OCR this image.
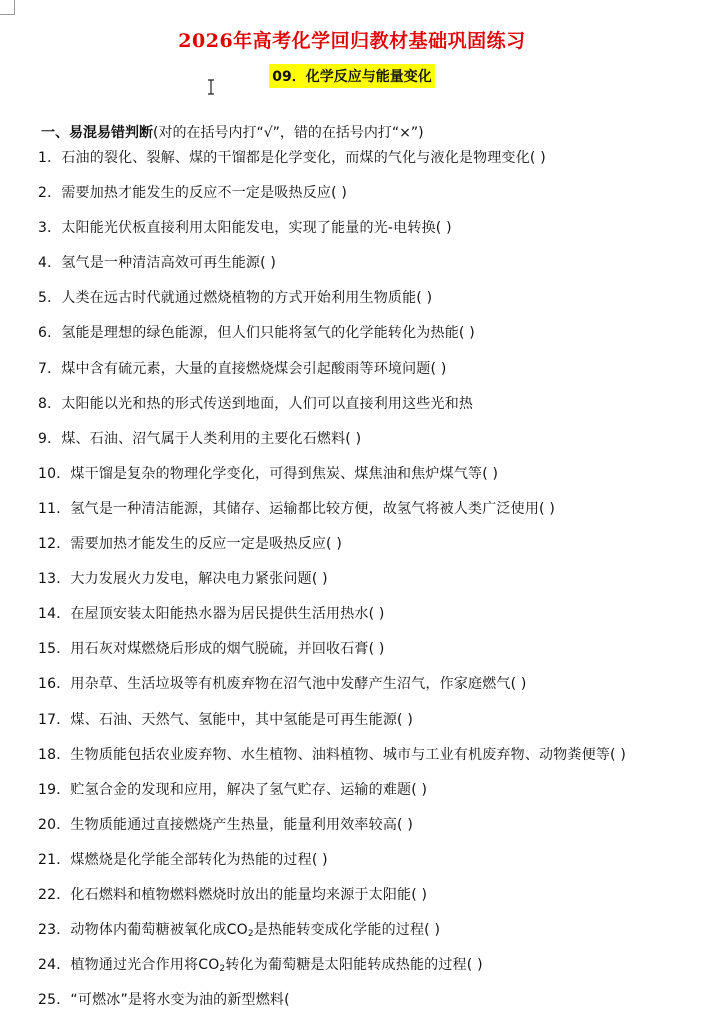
2026年高考化学回归教材基础巩固练习
09．化学反应与能量变化
一、易混易错判断(对的在括号内打“√”，错的在括号内打“×”)
1．石油的裂化、裂解、煤的干馏都是化学变化，而煤的气化与液化是物理变化( )
2．需要加热才能发生的反应不一定是吸热反应( )
3．太阳能光伏板直接利用太阳能发电，实现了能量的光-电转换( )
4．氢气是一种清洁高效可再生能源( )
5．人类在远古时代就通过燃烧植物的方式开始利用生物质能( )
6．氢能是理想的绿色能源，但人们只能将氢气的化学能转化为热能( )
7．煤中含有硫元素，大量的直接燃烧煤会引起酸雨等环境问题( )
8．太阳能以光和热的形式传送到地面，人们可以直接利用这些光和热
9．煤、石油、沼气属于人类利用的主要化石燃料( )
10．煤干馏是复杂的物理化学变化，可得到焦炭、煤焦油和焦炉煤气等( )
11．氢气是一种清洁能源，其储存、运输都比较方便，故氢气将被人类广泛使用( )
12．需要加热才能发生的反应一定是吸热反应( )
13．大力发展火力发电，解决电力紧张问题( )
14．在屋顶安装太阳能热水器为居民提供生活用热水( )
15．用石灰对煤燃烧后形成的烟气脱硫，并回收石膏( )
16．用杂草、生活垃圾等有机废弃物在沼气池中发酵产生沼气，作家庭燃气( )
17．煤、石油、天然气、氢能中，其中氢能是可再生能源( )
18．生物质能包括农业废弃物、水生植物、油料植物、城市与工业有机废弃物、动物粪便等( )
19．贮氢合金的发现和应用，解决了氢气贮存、运输的难题( )
20．生物质能通过直接燃烧产生热量，能量利用效率较高( )
21．煤燃烧是化学能全部转化为热能的过程( )
22．化石燃料和植物燃料燃烧时放出的能量均来源于太阳能( )
23．动物体内葡萄糖被氧化成$CO_2$是热能转变成化学能的过程( )
24．植物通过光合作用将$CO_2$转化为葡萄糖是太阳能转成热能的过程( )
25．“可燃冰”是将水变为油的新型燃料(
